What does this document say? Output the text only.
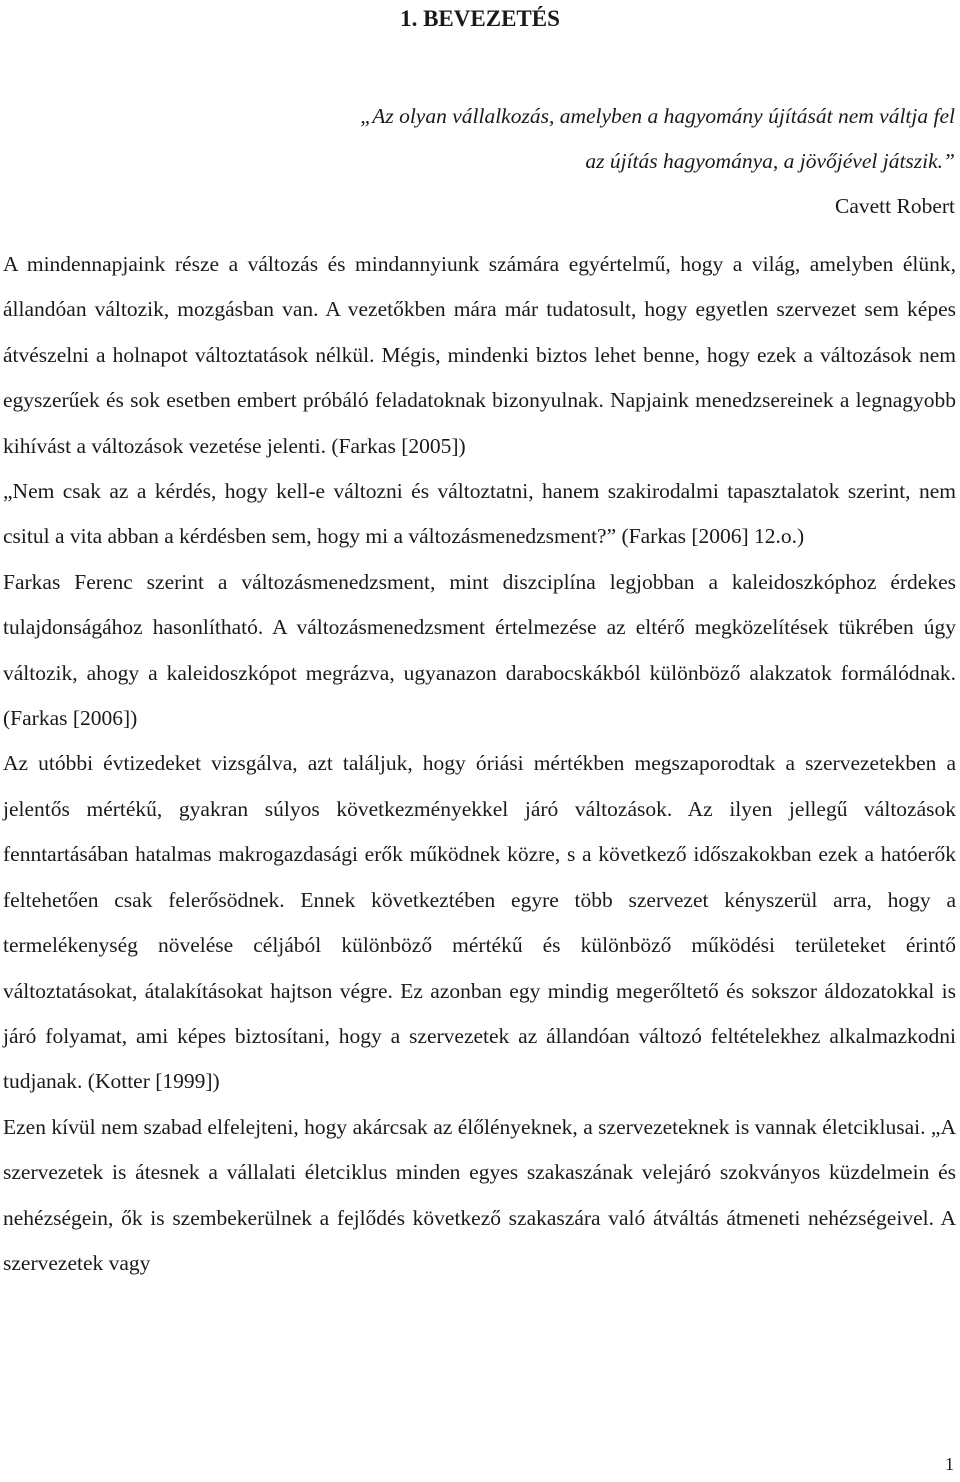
1. BEVEZETÉS
„Az olyan vállalkozás, amelyben a hagyomány újítását nem váltja fel
az újítás hagyománya, a jövőjével játszik.”
Cavett Robert

A mindennapjaink része a változás és mindannyiunk számára egyértelmű, hogy a világ, amelyben élünk, állandóan változik, mozgásban van. A vezetőkben mára már tudatosult, hogy egyetlen szervezet sem képes átvészelni a holnapot változtatások nélkül. Mégis, mindenki biztos lehet benne, hogy ezek a változások nem egyszerűek és sok esetben embert próbáló feladatoknak bizonyulnak. Napjaink menedzsereinek a legnagyobb kihívást a változások vezetése jelenti. (Farkas [2005])

„Nem csak az a kérdés, hogy kell-e változni és változtatni, hanem szakirodalmi tapasztalatok szerint, nem csitul a vita abban a kérdésben sem, hogy mi a változásmenedzsment?” (Farkas [2006] 12.o.)

Farkas Ferenc szerint a változásmenedzsment, mint diszciplína legjobban a kaleidoszkóphoz érdekes tulajdonságához hasonlítható. A változásmenedzsment értelmezése az eltérő megközelítések tükrében úgy változik, ahogy a kaleidoszkópot megrázva, ugyanazon darabocskákból különböző alakzatok formálódnak. (Farkas [2006])

Az utóbbi évtizedeket vizsgálva, azt találjuk, hogy óriási mértékben megszaporodtak a szervezetekben a jelentős mértékű, gyakran súlyos következményekkel járó változások. Az ilyen jellegű változások fenntartásában hatalmas makrogazdasági erők működnek közre, s a következő időszakokban ezek a hatóerők feltehetően csak felerősödnek. Ennek következtében egyre több szervezet kényszerül arra, hogy a termelékenység növelése céljából különböző mértékű és különböző működési területeket érintő változtatásokat, átalakításokat hajtson végre. Ez azonban egy mindig megerőltető és sokszor áldozatokkal is járó folyamat, ami képes biztosítani, hogy a szervezetek az állandóan változó feltételekhez alkalmazkodni tudjanak. (Kotter [1999])

Ezen kívül nem szabad elfelejteni, hogy akárcsak az élőlényeknek, a szervezeteknek is vannak életciklusai. „A szervezetek is átesnek a vállalati életciklus minden egyes szakaszának velejáró szokványos küzdelmein és nehézségein, ők is szembekerülnek a fejlődés következő szakaszára való átváltás átmeneti nehézségeivel. A szervezetek vagy

1
